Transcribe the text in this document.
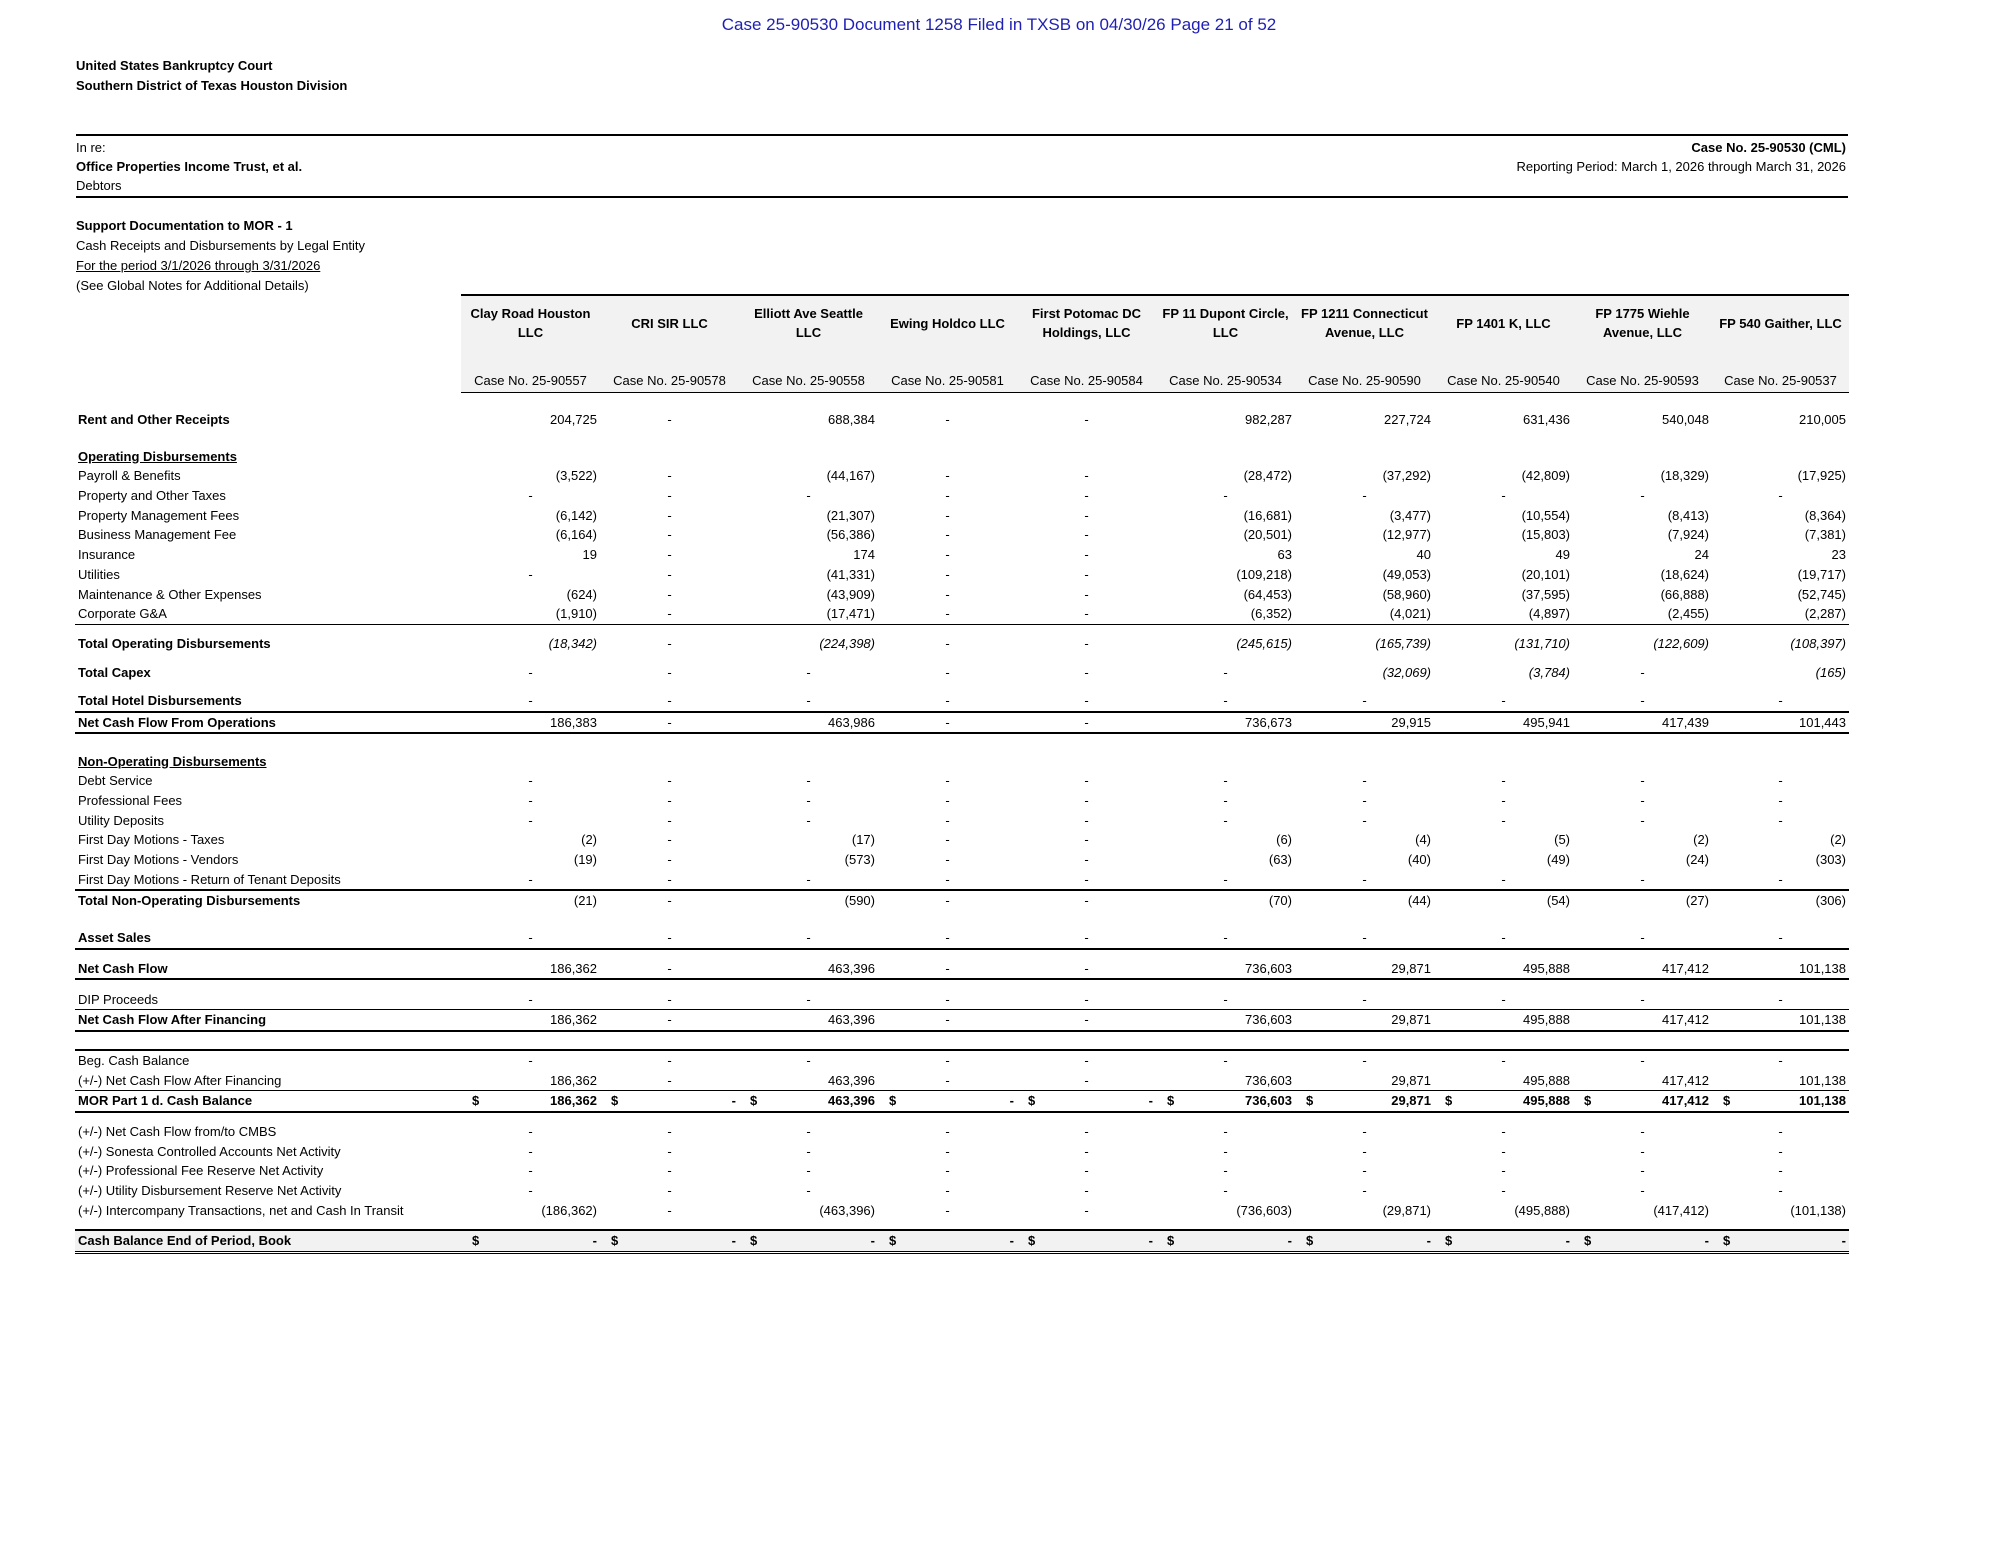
Case 25-90530 Document 1258 Filed in TXSB on 04/30/26 Page 21 of 52
United States Bankruptcy Court
Southern District of Texas Houston Division
In re:
Office Properties Income Trust, et al.
Debtors
Case No. 25-90530 (CML)
Reporting Period: March 1, 2026 through March 31, 2026
Support Documentation to MOR - 1
Cash Receipts and Disbursements by Legal Entity
For the period 3/1/2026 through 3/31/2026
(See Global Notes for Additional Details)
	Clay Road Houston LLC	CRI SIR LLC	Elliott Ave Seattle LLC	Ewing Holdco LLC	First Potomac DC Holdings, LLC	FP 11 Dupont Circle, LLC	FP 1211 Connecticut Avenue, LLC	FP 1401 K, LLC	FP 1775 Wiehle Avenue, LLC	FP 540 Gaither, LLC

	Case No. 25-90557	Case No. 25-90578	Case No. 25-90558	Case No. 25-90581	Case No. 25-90584	Case No. 25-90534	Case No. 25-90590	Case No. 25-90540	Case No. 25-90593	Case No. 25-90537

Rent and Other Receipts	204,725	-	688,384	-	-	982,287	227,724	631,436	540,048	210,005

Operating Disbursements										
Payroll & Benefits	(3,522)	-	(44,167)	-	-	(28,472)	(37,292)	(42,809)	(18,329)	(17,925)
Property and Other Taxes	-	-	-	-	-	-	-	-	-	-
Property Management Fees	(6,142)	-	(21,307)	-	-	(16,681)	(3,477)	(10,554)	(8,413)	(8,364)
Business Management Fee	(6,164)	-	(56,386)	-	-	(20,501)	(12,977)	(15,803)	(7,924)	(7,381)
Insurance	19	-	174	-	-	63	40	49	24	23
Utilities	-	-	(41,331)	-	-	(109,218)	(49,053)	(20,101)	(18,624)	(19,717)
Maintenance & Other Expenses	(624)	-	(43,909)	-	-	(64,453)	(58,960)	(37,595)	(66,888)	(52,745)
Corporate G&A	(1,910)	-	(17,471)	-	-	(6,352)	(4,021)	(4,897)	(2,455)	(2,287)

Total Operating Disbursements	(18,342)	-	(224,398)	-	-	(245,615)	(165,739)	(131,710)	(122,609)	(108,397)

Total Capex	-	-	-	-	-	-	(32,069)	(3,784)	-	(165)

Total Hotel Disbursements	-	-	-	-	-	-	-	-	-	-
Net Cash Flow From Operations	186,383	-	463,986	-	-	736,673	29,915	495,941	417,439	101,443

Non-Operating Disbursements										
Debt Service	-	-	-	-	-	-	-	-	-	-
Professional Fees	-	-	-	-	-	-	-	-	-	-
Utility Deposits	-	-	-	-	-	-	-	-	-	-
First Day Motions - Taxes	(2)	-	(17)	-	-	(6)	(4)	(5)	(2)	(2)
First Day Motions - Vendors	(19)	-	(573)	-	-	(63)	(40)	(49)	(24)	(303)
First Day Motions - Return of Tenant Deposits	-	-	-	-	-	-	-	-	-	-
Total Non-Operating Disbursements	(21)	-	(590)	-	-	(70)	(44)	(54)	(27)	(306)

Asset Sales	-	-	-	-	-	-	-	-	-	-

Net Cash Flow	186,362	-	463,396	-	-	736,603	29,871	495,888	417,412	101,138

DIP Proceeds	-	-	-	-	-	-	-	-	-	-
Net Cash Flow After Financing	186,362	-	463,396	-	-	736,603	29,871	495,888	417,412	101,138

Beg. Cash Balance	-	-	-	-	-	-	-	-	-	-
(+/-) Net Cash Flow After Financing	186,362	-	463,396	-	-	736,603	29,871	495,888	417,412	101,138
MOR Part 1 d. Cash Balance	$ 186,362	$ -	$ 463,396	$ -	$ -	$ 736,603	$ 29,871	$ 495,888	$ 417,412	$ 101,138

(+/-) Net Cash Flow from/to CMBS	-	-	-	-	-	-	-	-	-	-
(+/-) Sonesta Controlled Accounts Net Activity	-	-	-	-	-	-	-	-	-	-
(+/-) Professional Fee Reserve Net Activity	-	-	-	-	-	-	-	-	-	-
(+/-) Utility Disbursement Reserve Net Activity	-	-	-	-	-	-	-	-	-	-
(+/-) Intercompany Transactions, net and Cash In Transit	(186,362)	-	(463,396)	-	-	(736,603)	(29,871)	(495,888)	(417,412)	(101,138)

Cash Balance End of Period, Book	$ -	$ -	$ -	$ -	$ -	$ -	$ -	$ -	$ -	$ -
